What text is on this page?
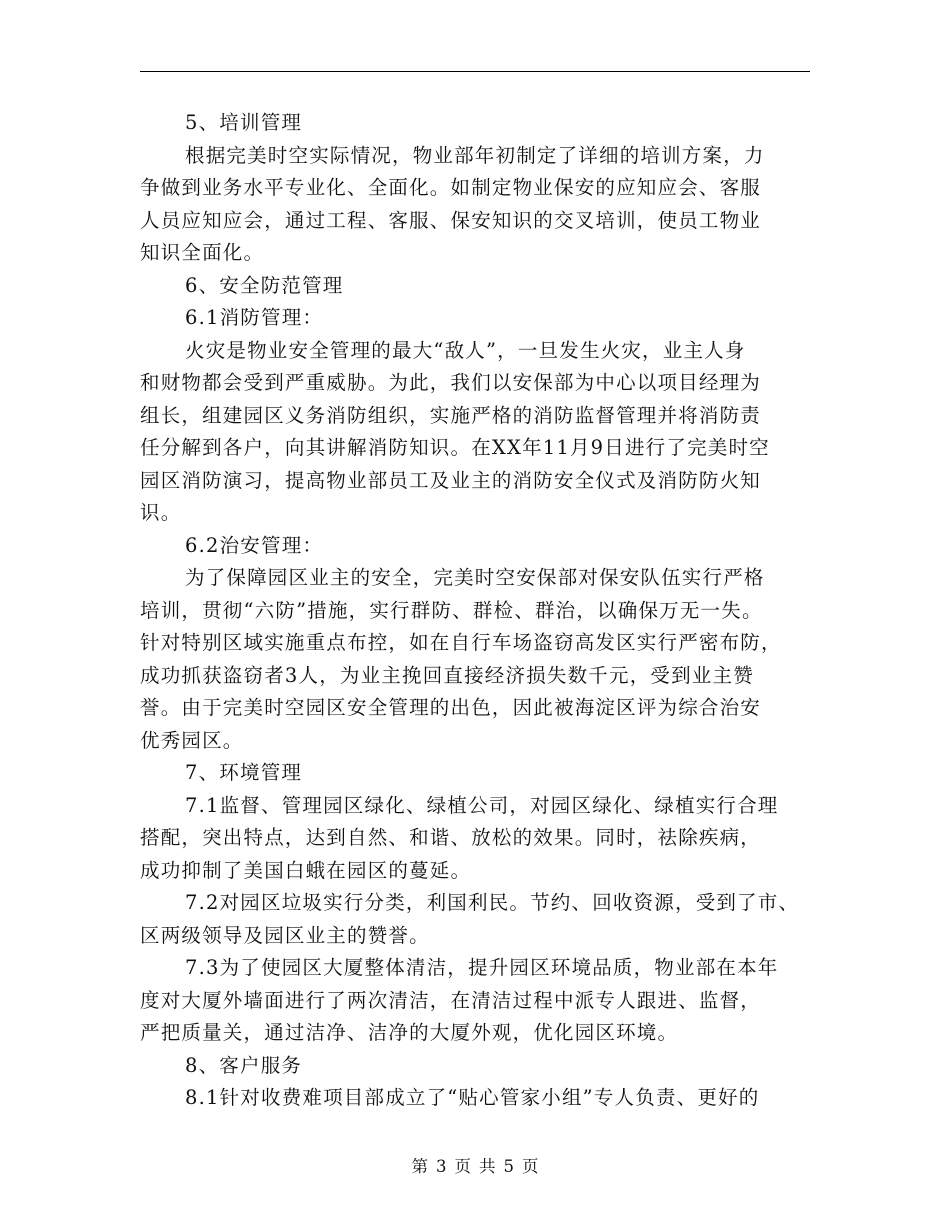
5、培训管理

根据完美时空实际情况，物业部年初制定了详细的培训方案，力

争做到业务水平专业化、全面化。如制定物业保安的应知应会、客服

人员应知应会，通过工程、客服、保安知识的交叉培训，使员工物业

知识全面化。

6、安全防范管理

6.1消防管理：

火灾是物业安全管理的最大“敌人”，一旦发生火灾，业主人身

和财物都会受到严重威胁。为此，我们以安保部为中心以项目经理为

组长，组建园区义务消防组织，实施严格的消防监督管理并将消防责

任分解到各户，向其讲解消防知识。在XX年11月9日进行了完美时空

园区消防演习，提高物业部员工及业主的消防安全仪式及消防防火知

识。

6.2治安管理：

为了保障园区业主的安全，完美时空安保部对保安队伍实行严格

培训，贯彻“六防”措施，实行群防、群检、群治，以确保万无一失。

针对特别区域实施重点布控，如在自行车场盗窃高发区实行严密布防，

成功抓获盗窃者3人，为业主挽回直接经济损失数千元，受到业主赞

誉。由于完美时空园区安全管理的出色，因此被海淀区评为综合治安

优秀园区。

7、环境管理

7.1监督、管理园区绿化、绿植公司，对园区绿化、绿植实行合理

搭配，突出特点，达到自然、和谐、放松的效果。同时，祛除疾病，

成功抑制了美国白蛾在园区的蔓延。

7.2对园区垃圾实行分类，利国利民。节约、回收资源，受到了市、

区两级领导及园区业主的赞誉。

7.3为了使园区大厦整体清洁，提升园区环境品质，物业部在本年

度对大厦外墙面进行了两次清洁，在清洁过程中派专人跟进、监督，

严把质量关，通过洁净、洁净的大厦外观，优化园区环境。

8、客户服务

8.1针对收费难项目部成立了“贴心管家小组”专人负责、更好的

第 3 页 共 5 页
